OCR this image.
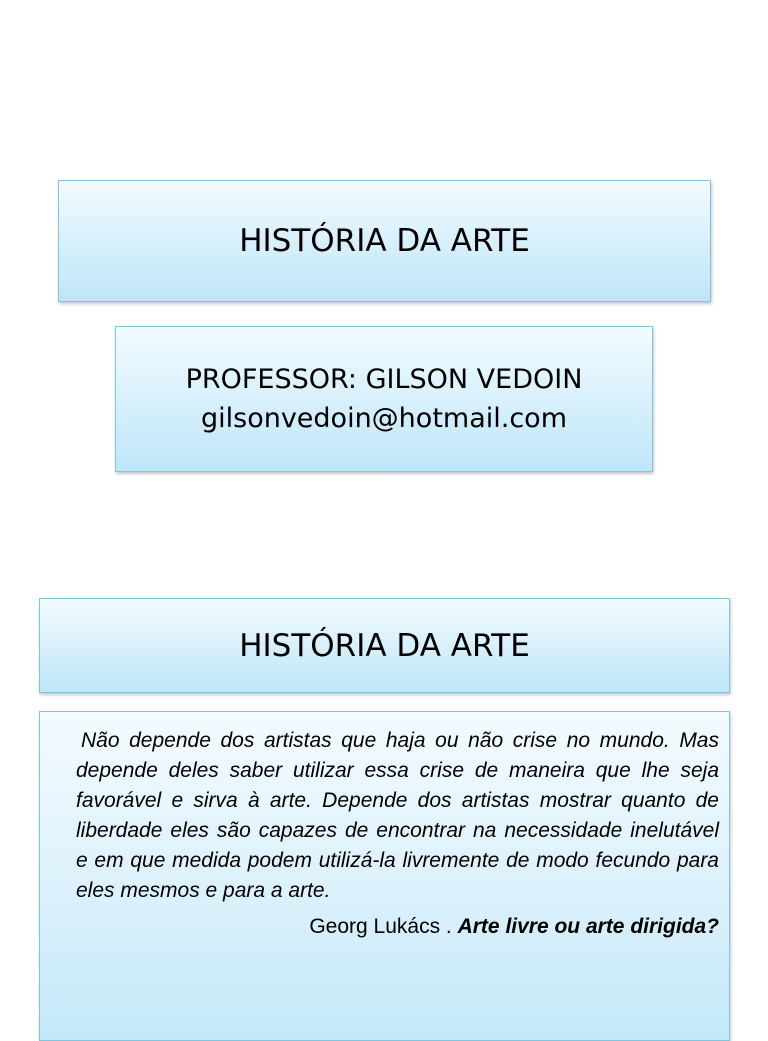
HISTÓRIA DA ARTE
PROFESSOR: GILSON VEDOIN
gilsonvedoin@hotmail.com
HISTÓRIA DA ARTE

Não depende dos artistas que haja ou não crise no mundo. Mas depende deles saber utilizar essa crise de maneira que lhe seja favorável e sirva à arte. Depende dos artistas mostrar quanto de liberdade eles são capazes de encontrar na necessidade inelutável e em que medida podem utilizá-la livremente de modo fecundo para eles mesmos e para a arte.

Georg Lukács . Arte livre ou arte dirigida?
